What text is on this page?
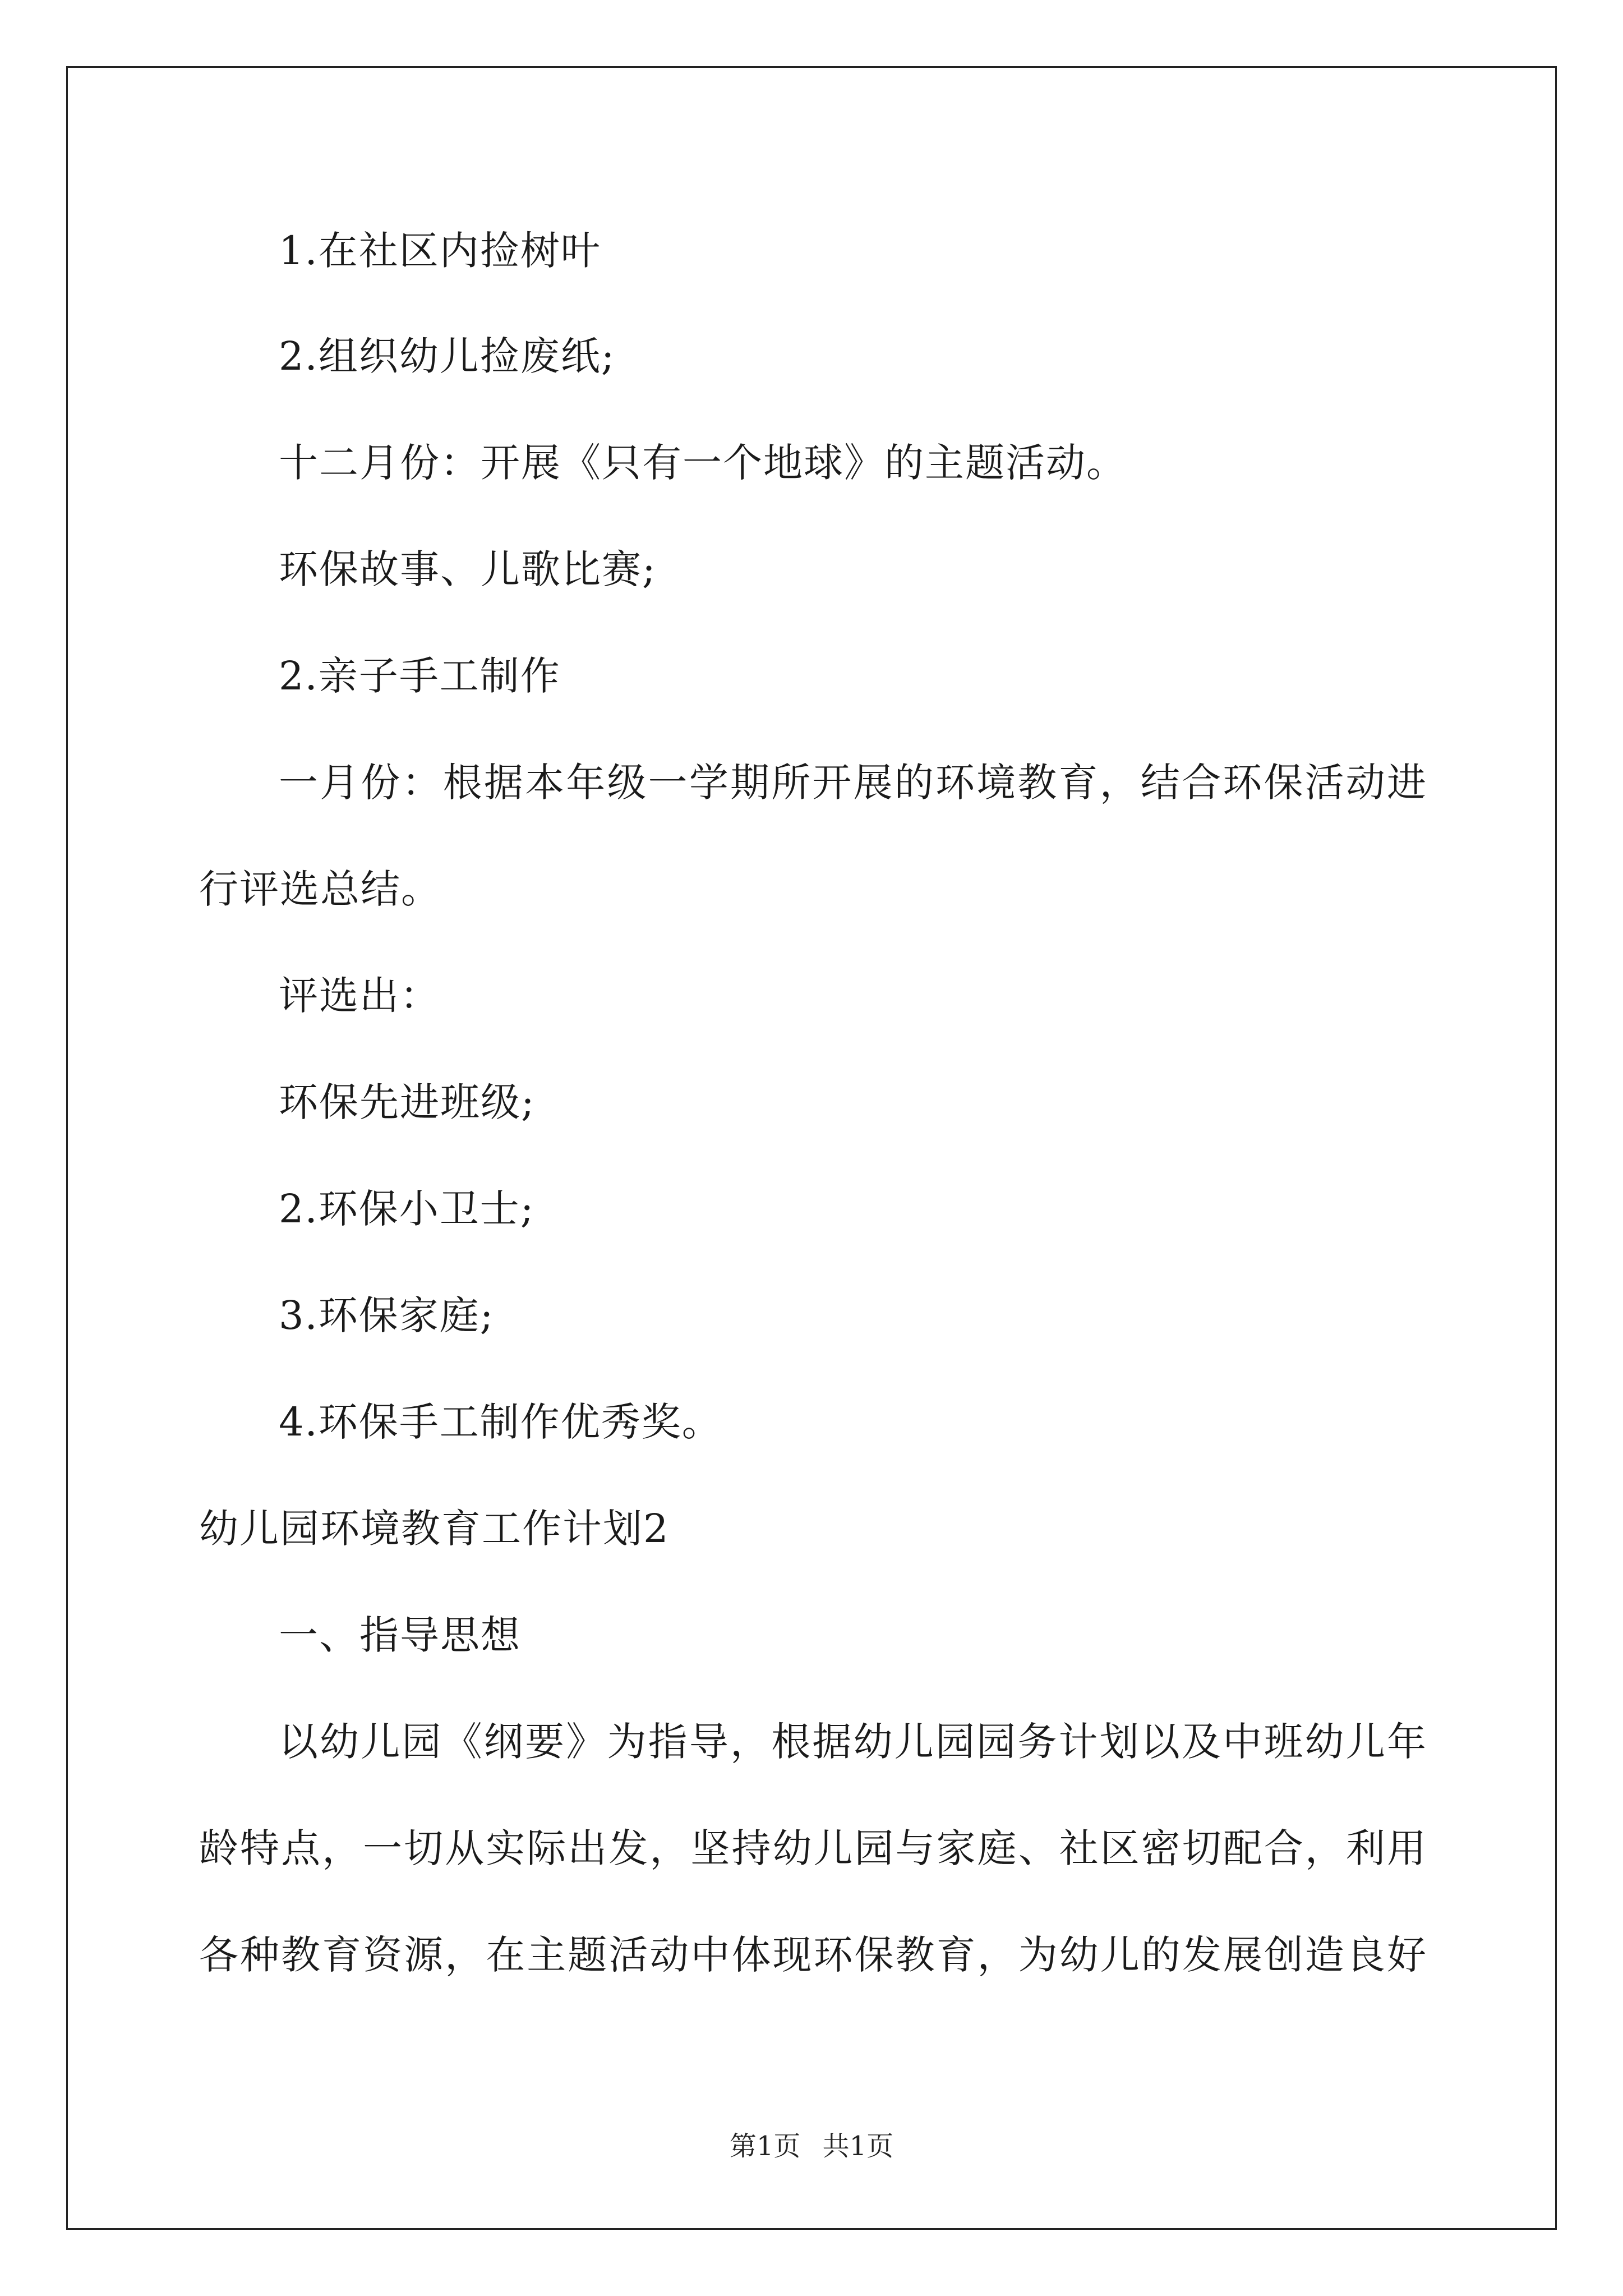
1.在社区内捡树叶
2.组织幼儿捡废纸;
十二月份：开展《只有一个地球》的主题活动。
环保故事、儿歌比赛;
2.亲子手工制作
一月份：根据本年级一学期所开展的环境教育，结合环保活动进
行评选总结。
评选出：
环保先进班级;
2.环保小卫士;
3.环保家庭;
4.环保手工制作优秀奖。
幼儿园环境教育工作计划2
一、指导思想
以幼儿园《纲要》为指导，根据幼儿园园务计划以及中班幼儿年
龄特点，一切从实际出发，坚持幼儿园与家庭、社区密切配合，利用
各种教育资源，在主题活动中体现环保教育，为幼儿的发展创造良好
第1页 共1页
